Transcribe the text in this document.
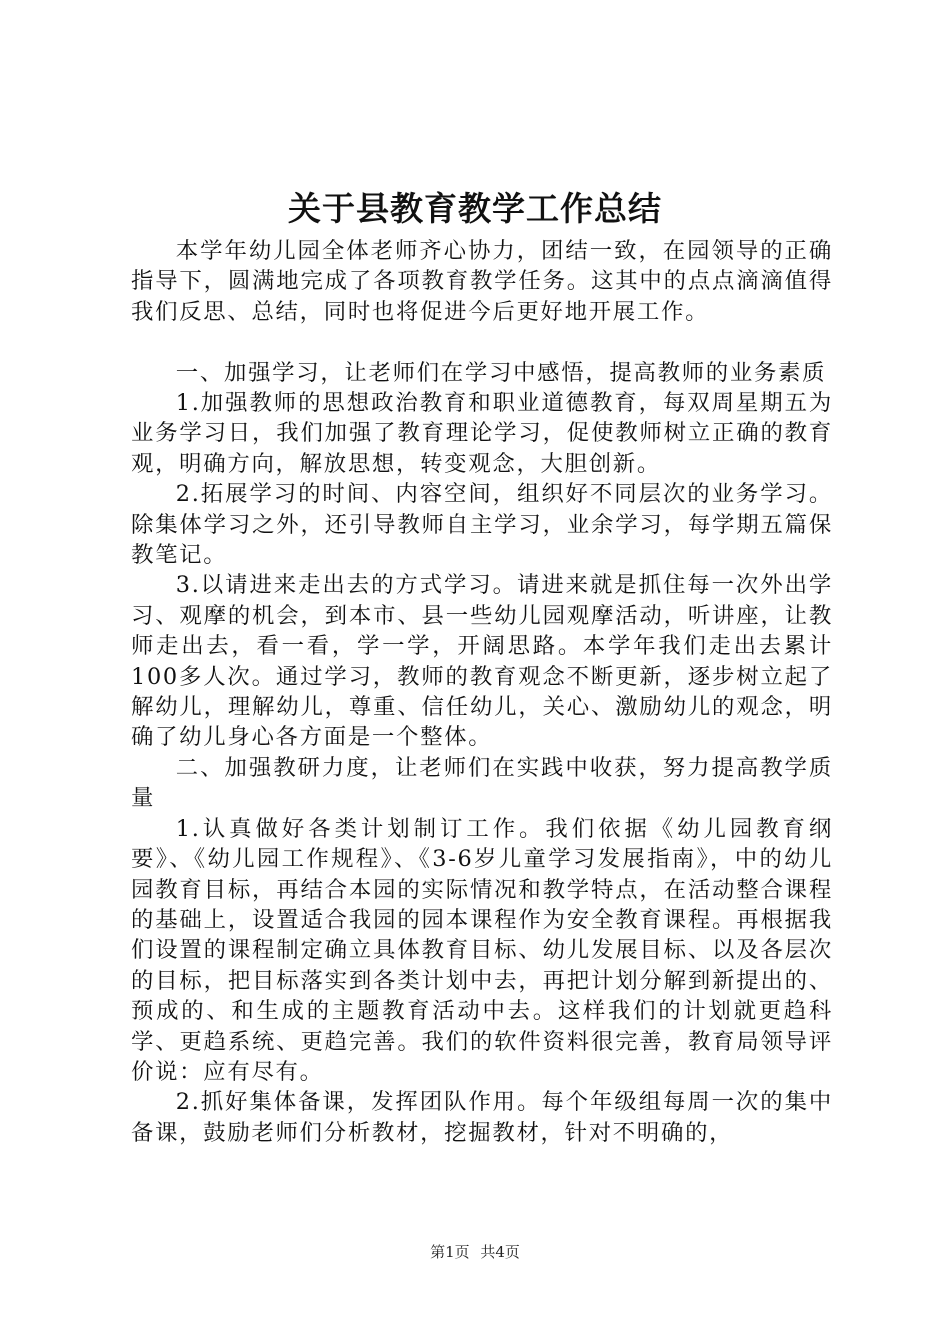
关于县教育教学工作总结

本学年幼儿园全体老师齐心协力，团结一致，在园领导的正确指导下，圆满地完成了各项教育教学任务。这其中的点点滴滴值得我们反思、总结，同时也将促进今后更好地开展工作。

一、加强学习，让老师们在学习中感悟，提高教师的业务素质

1.加强教师的思想政治教育和职业道德教育，每双周星期五为业务学习日，我们加强了教育理论学习，促使教师树立正确的教育观，明确方向，解放思想，转变观念，大胆创新。

2.拓展学习的时间、内容空间，组织好不同层次的业务学习。除集体学习之外，还引导教师自主学习，业余学习，每学期五篇保教笔记。

3.以请进来走出去的方式学习。请进来就是抓住每一次外出学习、观摩的机会，到本市、县一些幼儿园观摩活动，听讲座，让教师走出去，看一看，学一学，开阔思路。本学年我们走出去累计100多人次。通过学习，教师的教育观念不断更新，逐步树立起了解幼儿，理解幼儿，尊重、信任幼儿，关心、激励幼儿的观念，明确了幼儿身心各方面是一个整体。

二、加强教研力度，让老师们在实践中收获，努力提高教学质量

1.认真做好各类计划制订工作。我们依据《幼儿园教育纲要》、《幼儿园工作规程》、《3-6岁儿童学习发展指南》，中的幼儿园教育目标，再结合本园的实际情况和教学特点，在活动整合课程的基础上，设置适合我园的园本课程作为安全教育课程。再根据我们设置的课程制定确立具体教育目标、幼儿发展目标、以及各层次的目标，把目标落实到各类计划中去，再把计划分解到新提出的、预成的、和生成的主题教育活动中去。这样我们的计划就更趋科学、更趋系统、更趋完善。我们的软件资料很完善，教育局领导评价说：应有尽有。

2.抓好集体备课，发挥团队作用。每个年级组每周一次的集中备课，鼓励老师们分析教材，挖掘教材，针对不明确的，

第1页 共4页
